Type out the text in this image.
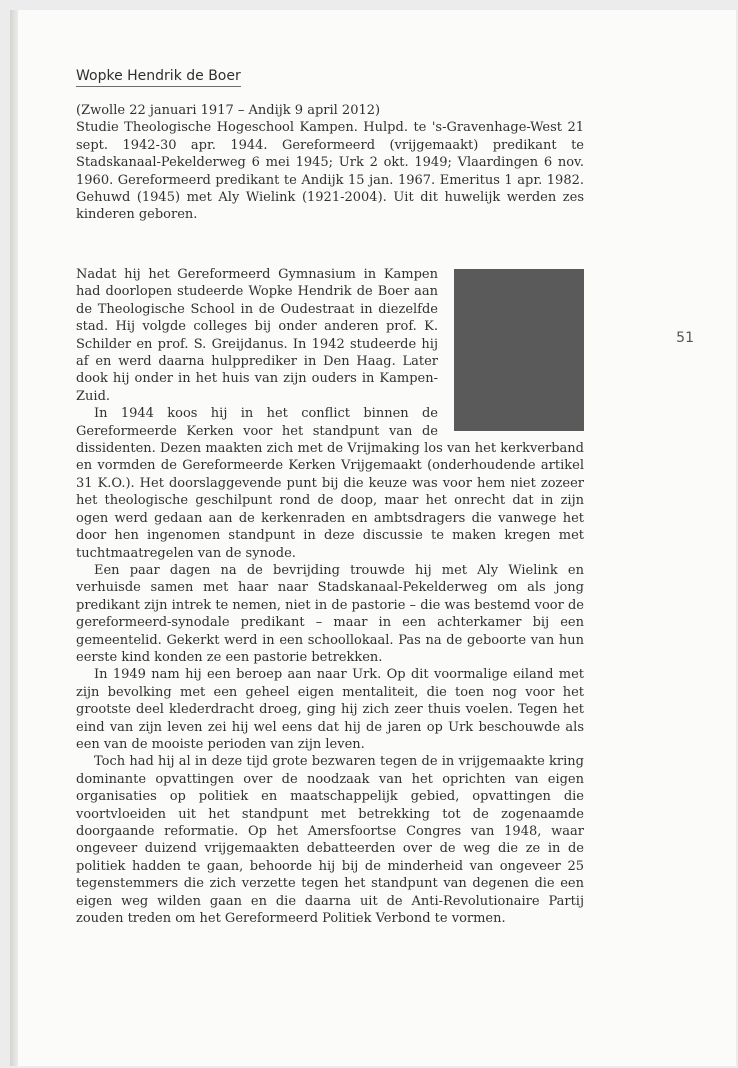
Wopke Hendrik de Boer
51

(Zwolle 22 januari 1917 – Andijk 9 april 2012)

Studie Theologische Hogeschool Kampen. Hulpd. te 's-Gravenhage-West 21 sept. 1942-30 apr. 1944. Gereformeerd (vrijgemaakt) predikant te Stadskanaal-Pekelderweg 6 mei 1945; Urk 2 okt. 1949; Vlaardingen 6 nov. 1960. Gereformeerd predikant te Andijk 15 jan. 1967. Emeritus 1 apr. 1982. Gehuwd (1945) met Aly Wielink (1921-2004). Uit dit huwelijk werden zes kinderen geboren.

Nadat hij het Gereformeerd Gymnasium in Kampen had doorlopen studeerde Wopke Hendrik de Boer aan de Theologische School in de Oudestraat in diezelfde stad. Hij volgde colleges bij onder anderen prof. K. Schilder en prof. S. Greijdanus. In 1942 studeerde hij af en werd daarna hulpprediker in Den Haag. Later dook hij onder in het huis van zijn ouders in Kampen-Zuid.

In 1944 koos hij in het conflict binnen de Gereformeerde Kerken voor het standpunt van de dissidenten. Dezen maakten zich met de Vrijmaking los van het kerkverband en vormden de Gereformeerde Kerken Vrijgemaakt (onderhoudende artikel 31 K.O.). Het doorslaggevende punt bij die keuze was voor hem niet zozeer het theologische geschilpunt rond de doop, maar het onrecht dat in zijn ogen werd gedaan aan de kerkenraden en ambtsdragers die vanwege het door hen ingenomen standpunt in deze discussie te maken kregen met tuchtmaatregelen van de synode.

Een paar dagen na de bevrijding trouwde hij met Aly Wielink en verhuisde samen met haar naar Stadskanaal-Pekelderweg om als jong predikant zijn intrek te nemen, niet in de pastorie – die was bestemd voor de gereformeerd-synodale predikant – maar in een achterkamer bij een gemeentelid. Gekerkt werd in een schoollokaal. Pas na de geboorte van hun eerste kind konden ze een pastorie betrekken.

In 1949 nam hij een beroep aan naar Urk. Op dit voormalige eiland met zijn bevolking met een geheel eigen mentaliteit, die toen nog voor het grootste deel klederdracht droeg, ging hij zich zeer thuis voelen. Tegen het eind van zijn leven zei hij wel eens dat hij de jaren op Urk beschouwde als een van de mooiste perioden van zijn leven.

Toch had hij al in deze tijd grote bezwaren tegen de in vrijgemaakte kring dominante opvattingen over de noodzaak van het oprichten van eigen organisaties op politiek en maatschappelijk gebied, opvattingen die voortvloeiden uit het standpunt met betrekking tot de zogenaamde doorgaande reformatie. Op het Amersfoortse Congres van 1948, waar ongeveer duizend vrijgemaakten debatteerden over de weg die ze in de politiek hadden te gaan, behoorde hij bij de minderheid van ongeveer 25 tegenstemmers die zich verzette tegen het standpunt van degenen die een eigen weg wilden gaan en die daarna uit de Anti-Revolutionaire Partij zouden treden om het Gereformeerd Politiek Verbond te vormen.
